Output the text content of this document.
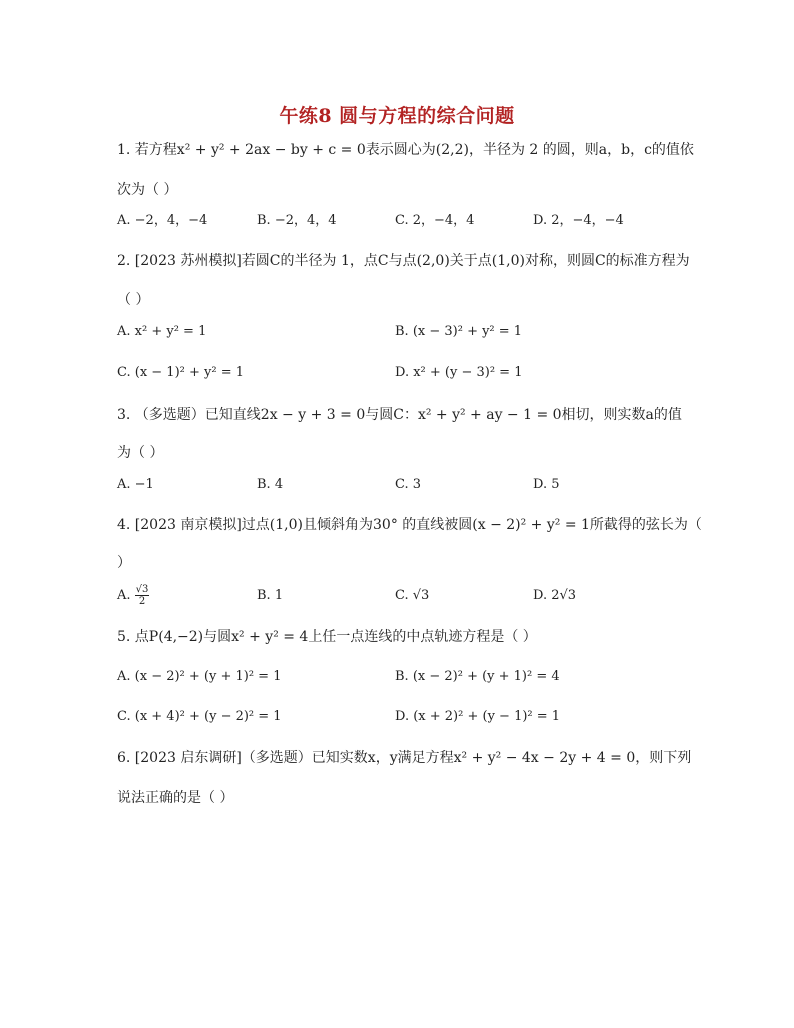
午练8 圆与方程的综合问题
1. 若方程x² + y² + 2ax − by + c = 0表示圆心为(2,2)，半径为 2 的圆，则a，b，c的值依
次为（ ）
A. −2，4，−4	B. −2，4，4	C. 2，−4，4	D. 2，−4，−4
2. [2023 苏州模拟]若圆C的半径为 1，点C与点(2,0)关于点(1,0)对称，则圆C的标准方程为
（ ）
A. x² + y² = 1	B. (x − 3)² + y² = 1
C. (x − 1)² + y² = 1	D. x² + (y − 3)² = 1
3. （多选题）已知直线2x − y + 3 = 0与圆C：x² + y² + ay − 1 = 0相切，则实数a的值
为（ ）
A. −1	B. 4	C. 3	D. 5
4. [2023 南京模拟]过点(1,0)且倾斜角为30° 的直线被圆(x − 2)² + y² = 1所截得的弦长为（
）
A. $\frac{√3}{2}$	B. 1	C. √3	D. 2√3
5. 点P(4,−2)与圆x² + y² = 4上任一点连线的中点轨迹方程是（ ）
A. (x − 2)² + (y + 1)² = 1	B. (x − 2)² + (y + 1)² = 4
C. (x + 4)² + (y − 2)² = 1	D. (x + 2)² + (y − 1)² = 1
6. [2023 启东调研]（多选题）已知实数x，y满足方程x² + y² − 4x − 2y + 4 = 0，则下列
说法正确的是（ ）
